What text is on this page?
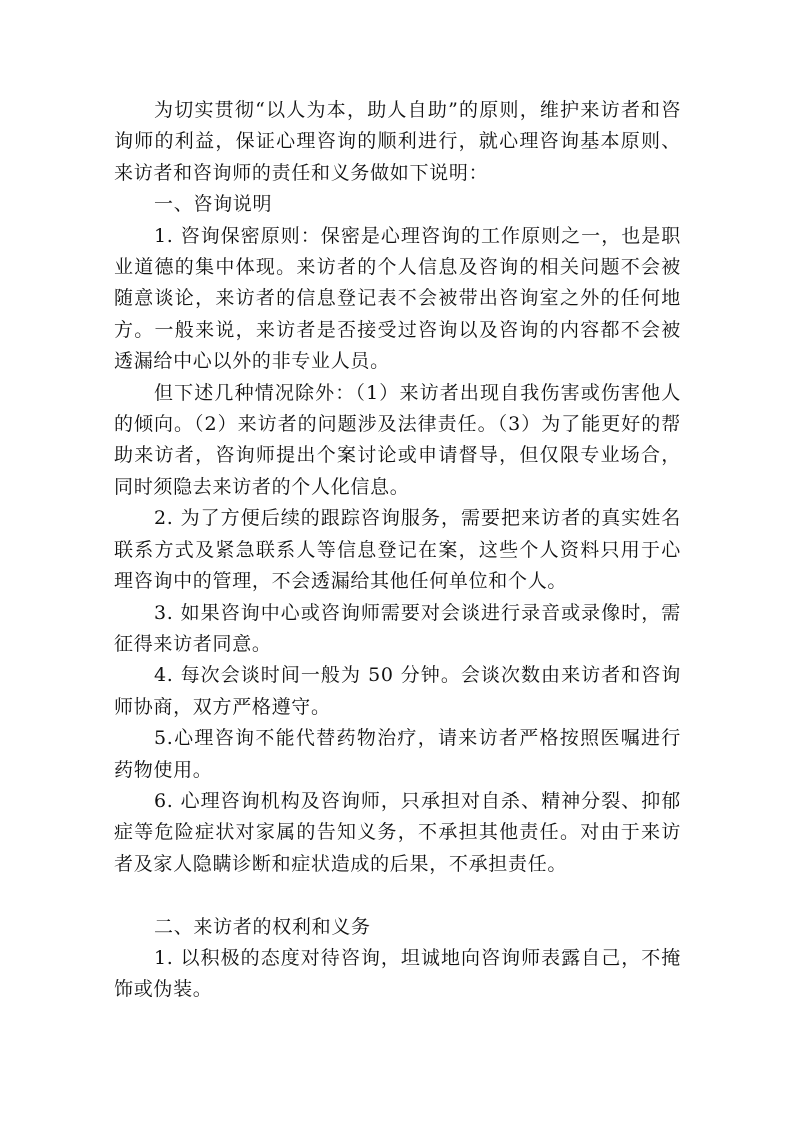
为切实贯彻“以人为本，助人自助”的原则，维护来访者和咨询师的利益，保证心理咨询的顺利进行，就心理咨询基本原则、来访者和咨询师的责任和义务做如下说明：

一、咨询说明

1. 咨询保密原则：保密是心理咨询的工作原则之一，也是职业道德的集中体现。来访者的个人信息及咨询的相关问题不会被随意谈论，来访者的信息登记表不会被带出咨询室之外的任何地方。一般来说，来访者是否接受过咨询以及咨询的内容都不会被透漏给中心以外的非专业人员。

但下述几种情况除外：（1）来访者出现自我伤害或伤害他人的倾向。（2）来访者的问题涉及法律责任。（3）为了能更好的帮助来访者，咨询师提出个案讨论或申请督导，但仅限专业场合，同时须隐去来访者的个人化信息。

2. 为了方便后续的跟踪咨询服务，需要把来访者的真实姓名联系方式及紧急联系人等信息登记在案，这些个人资料只用于心理咨询中的管理，不会透漏给其他任何单位和个人。

3. 如果咨询中心或咨询师需要对会谈进行录音或录像时，需征得来访者同意。

4. 每次会谈时间一般为 50 分钟。会谈次数由来访者和咨询师协商，双方严格遵守。

5.心理咨询不能代替药物治疗，请来访者严格按照医嘱进行药物使用。

6. 心理咨询机构及咨询师，只承担对自杀、精神分裂、抑郁症等危险症状对家属的告知义务，不承担其他责任。对由于来访者及家人隐瞒诊断和症状造成的后果，不承担责任。

二、来访者的权利和义务

1. 以积极的态度对待咨询，坦诚地向咨询师表露自己，不掩饰或伪装。
